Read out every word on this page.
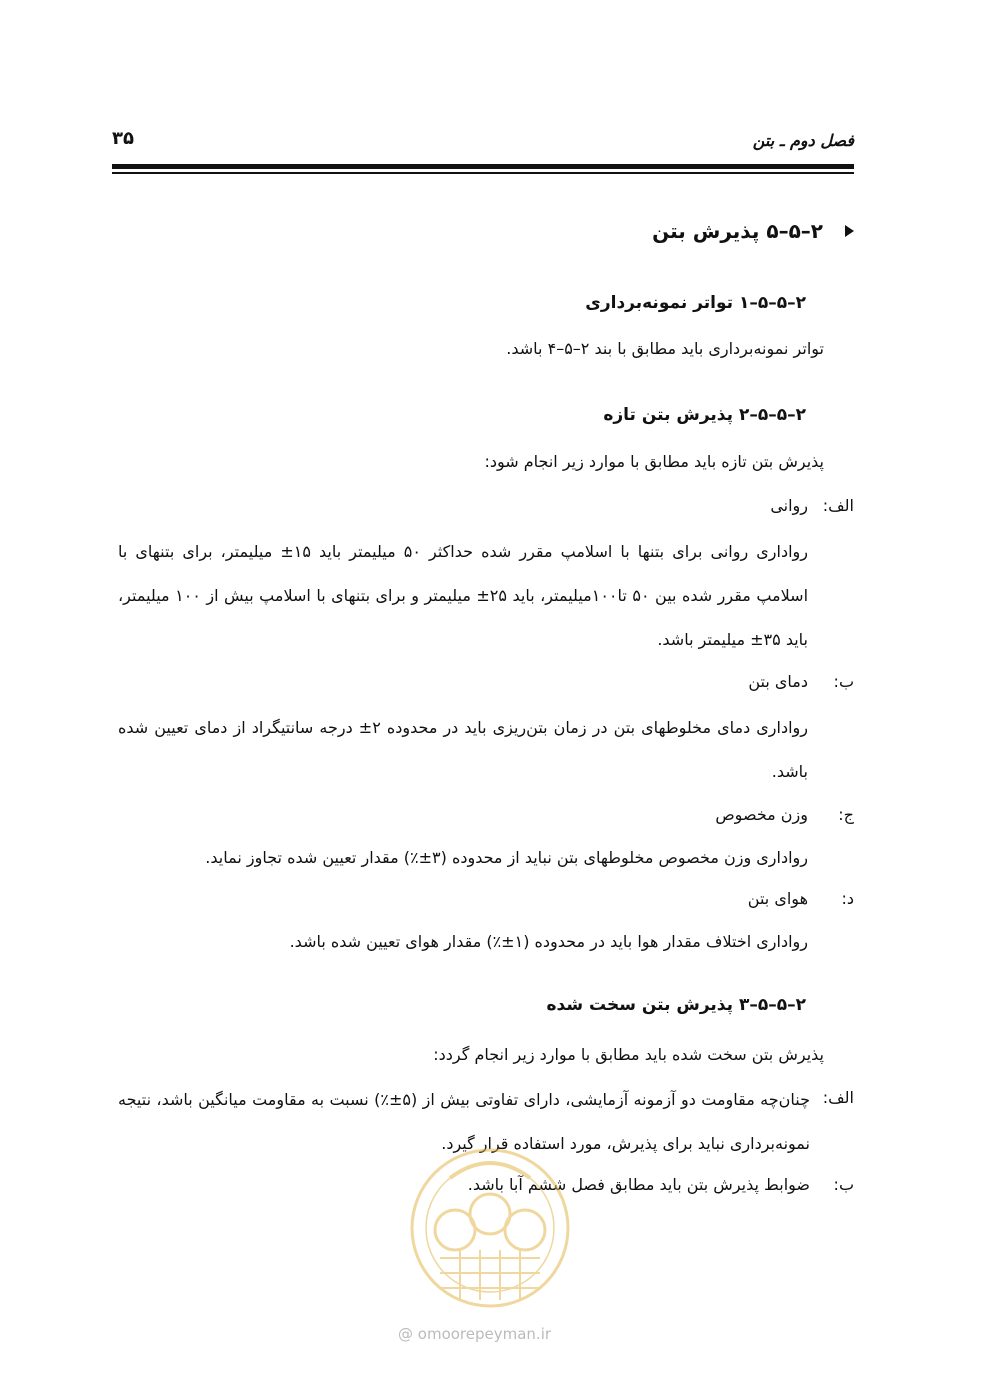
فصل دوم ـ بتن
۳۵
۲–۵–۵ پذیرش بتن
۲–۵–۵–۱ تواتر نمونه‌برداری
تواتر نمونه‌برداری باید مطابق با بند ۲–۵–۴ باشد.
۲–۵–۵–۲ پذیرش بتن تازه
پذیرش بتن تازه باید مطابق با موارد زیر انجام شود:
الف:
روانی
رواداری روانی برای بتنها با اسلامپ مقرر شده حداکثر ۵۰ میلیمتر باید ۱۵± میلیمتر، برای بتنهای با اسلامپ مقرر شده بین ۵۰ تا۱۰۰میلیمتر، باید ۲۵± میلیمتر و برای بتنهای با اسلامپ بیش از ۱۰۰ میلیمتر، باید ۳۵± میلیمتر باشد.
ب:
دمای بتن
رواداری دمای مخلوطهای بتن در زمان بتن‌ریزی باید در محدوده ۲± درجه سانتیگراد از دمای تعیین شده باشد.
ج:
وزن مخصوص
رواداری وزن مخصوص مخلوطهای بتن نباید از محدوده (۳±٪) مقدار تعیین شده تجاوز نماید.
د:
هوای بتن
رواداری اختلاف مقدار هوا باید در محدوده (۱±٪) مقدار هوای تعیین شده باشد.
۲–۵–۵–۳ پذیرش بتن سخت شده
پذیرش بتن سخت شده باید مطابق با موارد زیر انجام گردد:
الف:
چنان‌چه مقاومت دو آزمونه آزمایشی، دارای تفاوتی بیش از (۵±٪) نسبت به مقاومت میانگین باشد، نتیجه نمونه‌برداری نباید برای پذیرش، مورد استفاده قرار گیرد.
ب:
ضوابط پذیرش بتن باید مطابق فصل ششم آبا باشد.
@ omoorepeyman.ir
